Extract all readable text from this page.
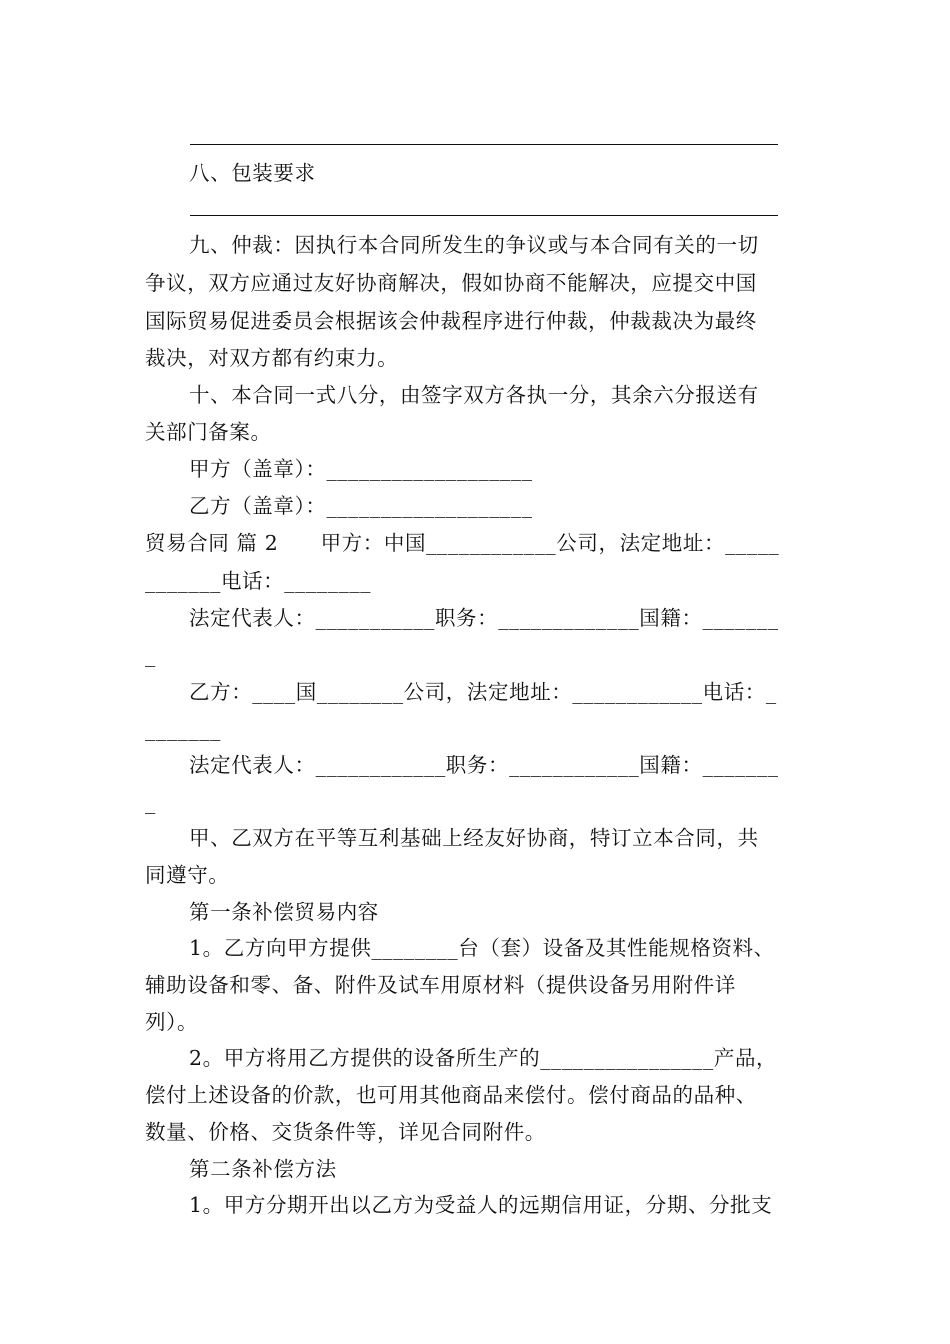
八、包装要求
九、仲裁：因执行本合同所发生的争议或与本合同有关的一切
争议，双方应通过友好协商解决，假如协商不能解决，应提交中国
国际贸易促进委员会根据该会仲裁程序进行仲裁，仲裁裁决为最终
裁决，对双方都有约束力。
十、本合同一式八分，由签字双方各执一分，其余六分报送有
关部门备案。
甲方（盖章）：___________________
乙方（盖章）：___________________
贸易合同 篇 2　　甲方：中国____________公司，法定地址：_____
_______电话：________
法定代表人：___________职务：_____________国籍：_______
_
乙方：____国________公司，法定地址：____________电话：_
_______
法定代表人：____________职务：____________国籍：_______
_
甲、乙双方在平等互利基础上经友好协商，特订立本合同，共
同遵守。
第一条补偿贸易内容
1。乙方向甲方提供________台（套）设备及其性能规格资料、
辅助设备和零、备、附件及试车用原材料（提供设备另用附件详
列）。
2。甲方将用乙方提供的设备所生产的________________产品，
偿付上述设备的价款，也可用其他商品来偿付。偿付商品的品种、
数量、价格、交货条件等，详见合同附件。
第二条补偿方法
1。甲方分期开出以乙方为受益人的远期信用证，分期、分批支
